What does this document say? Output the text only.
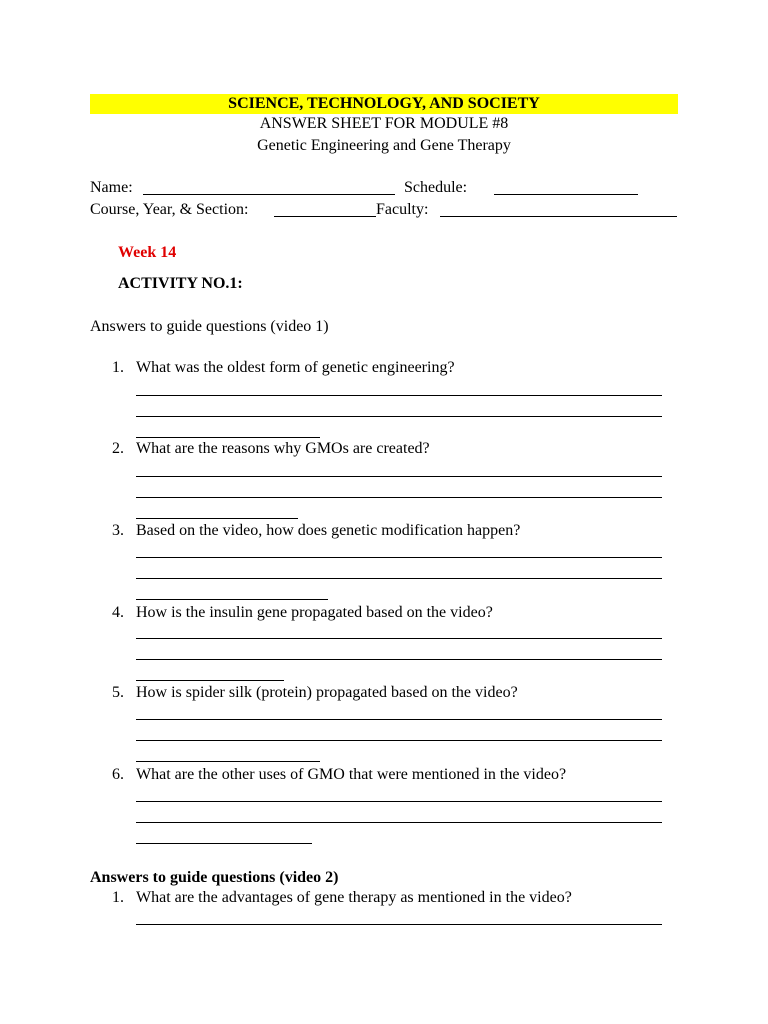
SCIENCE, TECHNOLOGY, AND SOCIETY
ANSWER SHEET FOR MODULE #8
Genetic Engineering and Gene Therapy
Name:	Schedule:
Course, Year, & Section:	Faculty:
Week 14
ACTIVITY NO.1:
Answers to guide questions (video 1)
1. What was the oldest form of genetic engineering?
2. What are the reasons why GMOs are created?
3. Based on the video, how does genetic modification happen?
4. How is the insulin gene propagated based on the video?
5. How is spider silk (protein) propagated based on the video?
6. What are the other uses of GMO that were mentioned in the video?
Answers to guide questions (video 2)
1. What are the advantages of gene therapy as mentioned in the video?
